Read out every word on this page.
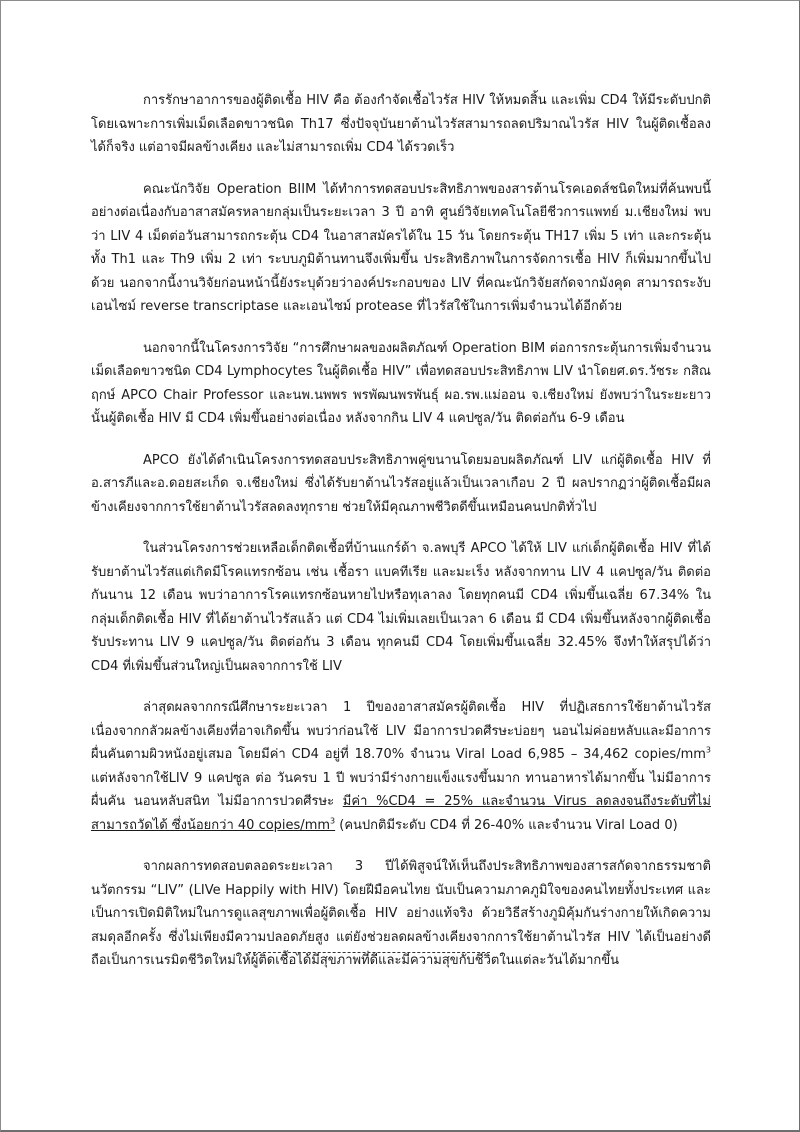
การรักษาอาการของผู้ติดเชื้อ HIV คือ ต้องกำจัดเชื้อไวรัส HIV ให้หมดสิ้น และเพิ่ม CD4 ให้มีระดับปกติ โดยเฉพาะการเพิ่มเม็ดเลือดขาวชนิด Th17 ซึ่งปัจจุบันยาต้านไวรัสสามารถลดปริมาณไวรัส HIV ในผู้ติดเชื้อลงได้ก็จริง แต่อาจมีผลข้างเคียง และไม่สามารถเพิ่ม CD4 ได้รวดเร็ว

คณะนักวิจัย Operation BIIM ได้ทำการทดสอบประสิทธิภาพของสารต้านโรคเอดส์ชนิดใหม่ที่ค้นพบนี้อย่างต่อเนื่องกับอาสาสมัครหลายกลุ่มเป็นระยะเวลา 3 ปี อาทิ ศูนย์วิจัยเทคโนโลยีชีวการแพทย์ ม.เชียงใหม่ พบว่า LIV 4 เม็ดต่อวันสามารถกระตุ้น CD4 ในอาสาสมัครได้ใน 15 วัน โดยกระตุ้น TH17 เพิ่ม 5 เท่า และกระตุ้นทั้ง Th1 และ Th9 เพิ่ม 2 เท่า ระบบภูมิต้านทานจึงเพิ่มขึ้น ประสิทธิภาพในการจัดการเชื้อ HIV ก็เพิ่มมากขึ้นไปด้วย นอกจากนี้งานวิจัยก่อนหน้านี้ยังระบุด้วยว่าองค์ประกอบของ LIV ที่คณะนักวิจัยสกัดจากมังคุด สามารถระงับเอนไซม์ reverse transcriptase และเอนไซม์ protease ที่ไวรัสใช้ในการเพิ่มจำนวนได้อีกด้วย

นอกจากนี้ในโครงการวิจัย “การศึกษาผลของผลิตภัณฑ์ Operation BIM ต่อการกระตุ้นการเพิ่มจำนวนเม็ดเลือดขาวชนิด CD4 Lymphocytes ในผู้ติดเชื้อ HIV” เพื่อทดสอบประสิทธิภาพ LIV นำโดยศ.ดร.วัชระ กสิณฤกษ์ APCO Chair Professor และนพ.นพพร พรพัฒนพรพันธุ์ ผอ.รพ.แม่ออน จ.เชียงใหม่ ยังพบว่าในระยะยาวนั้นผู้ติดเชื้อ HIV มี CD4 เพิ่มขึ้นอย่างต่อเนื่อง หลังจากกิน LIV 4 แคปซูล/วัน ติดต่อกัน 6-9 เดือน

APCO ยังได้ดำเนินโครงการทดสอบประสิทธิภาพคู่ขนานโดยมอบผลิตภัณฑ์ LIV แก่ผู้ติดเชื้อ HIV ที่ อ.สารภีและอ.ดอยสะเก็ด จ.เชียงใหม่ ซึ่งได้รับยาต้านไวรัสอยู่แล้วเป็นเวลาเกือบ 2 ปี ผลปรากฏว่าผู้ติดเชื้อมีผลข้างเคียงจากการใช้ยาต้านไวรัสลดลงทุกราย ช่วยให้มีคุณภาพชีวิตดีขึ้นเหมือนคนปกติทั่วไป

ในส่วนโครงการช่วยเหลือเด็กติดเชื้อที่บ้านแกร์ด้า จ.ลพบุรี APCO ได้ให้ LIV แก่เด็กผู้ติดเชื้อ HIV ที่ได้รับยาต้านไวรัสแต่เกิดมีโรคแทรกซ้อน เช่น เชื้อรา แบคทีเรีย และมะเร็ง หลังจากทาน LIV 4 แคปซูล/วัน ติดต่อกันนาน 12 เดือน พบว่าอาการโรคแทรกซ้อนหายไปหรือทุเลาลง โดยทุกคนมี CD4 เพิ่มขึ้นเฉลี่ย 67.34% ในกลุ่มเด็กติดเชื้อ HIV ที่ได้ยาต้านไวรัสแล้ว แต่ CD4 ไม่เพิ่มเลยเป็นเวลา 6 เดือน มี CD4 เพิ่มขึ้นหลังจากผู้ติดเชื้อรับประทาน LIV 9 แคปซูล/วัน ติดต่อกัน 3 เดือน ทุกคนมี CD4 โดยเพิ่มขึ้นเฉลี่ย 32.45% จึงทำให้สรุปได้ว่า CD4 ที่เพิ่มขึ้นส่วนใหญ่เป็นผลจากการใช้ LIV

ล่าสุดผลจากกรณีศึกษาระยะเวลา 1 ปีของอาสาสมัครผู้ติดเชื้อ HIV ที่ปฏิเสธการใช้ยาต้านไวรัสเนื่องจากกลัวผลข้างเคียงที่อาจเกิดขึ้น พบว่าก่อนใช้ LIV มีอาการปวดศีรษะบ่อยๆ นอนไม่ค่อยหลับและมีอาการผื่นคันตามผิวหนังอยู่เสมอ โดยมีค่า CD4 อยู่ที่ 18.70% จำนวน Viral Load 6,985 – 34,462 copies/$mm^3$ แต่หลังจากใช้LIV 9 แคปซูล ต่อ วันครบ 1 ปี พบว่ามีร่างกายแข็งแรงขึ้นมาก ทานอาหารได้มากขึ้น ไม่มีอาการผื่นคัน นอนหลับสนิท ไม่มีอาการปวดศีรษะ มีค่า %CD4 = 25% และจำนวน Virus ลดลงจนถึงระดับที่ไม่สามารถวัดได้ ซึ่งน้อยกว่า 40 copies/$mm^3$ (คนปกติมีระดับ CD4 ที่ 26-40% และจำนวน Viral Load 0)

จากผลการทดสอบตลอดระยะเวลา 3 ปีได้พิสูจน์ให้เห็นถึงประสิทธิภาพของสารสกัดจากธรรมชาตินวัตกรรม “LIV” (LIVe Happily with HIV) โดยฝีมือคนไทย นับเป็นความภาคภูมิใจของคนไทยทั้งประเทศ และเป็นการเปิดมิติใหม่ในการดูแลสุขภาพเพื่อผู้ติดเชื้อ HIV อย่างแท้จริง ด้วยวิธีสร้างภูมิคุ้มกันร่างกายให้เกิดความสมดุลอีกครั้ง ซึ่งไม่เพียงมีความปลอดภัยสูง แต่ยังช่วยลดผลข้างเคียงจากการใช้ยาต้านไวรัส HIV ได้เป็นอย่างดี ถือเป็นการเนรมิตชีวิตใหม่ให้ผู้ติดเชื้อได้มีสุขภาพที่ดีและมีความสุขกับชีวิตในแต่ละวันได้มากขึ้น
